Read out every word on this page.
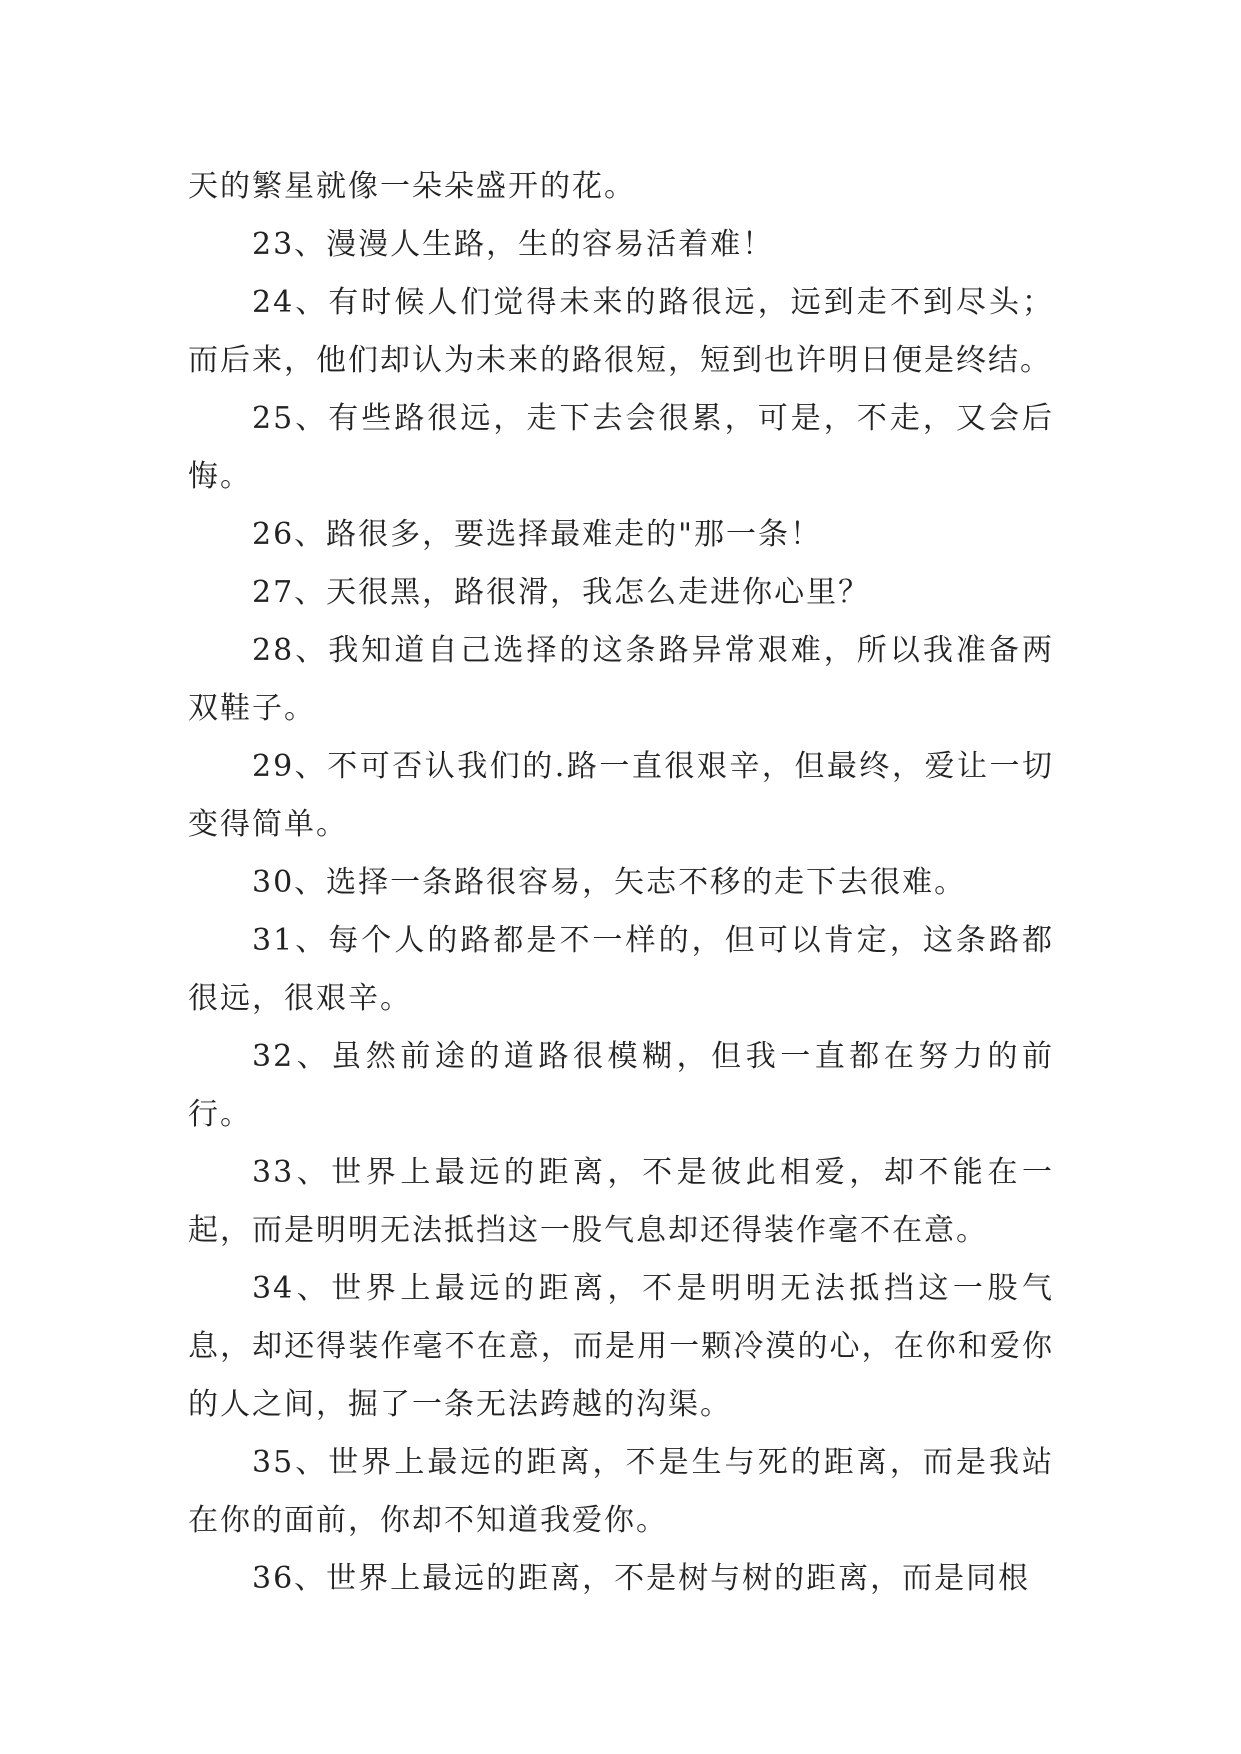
天的繁星就像一朵朵盛开的花。

23、漫漫人生路，生的容易活着难！

24、有时候人们觉得未来的路很远，远到走不到尽头；而后来，他们却认为未来的路很短，短到也许明日便是终结。

25、有些路很远，走下去会很累，可是，不走，又会后悔。

26、路很多，要选择最难走的"那一条！

27、天很黑，路很滑，我怎么走进你心里？

28、我知道自己选择的这条路异常艰难，所以我准备两双鞋子。

29、不可否认我们的.路一直很艰辛，但最终，爱让一切变得简单。

30、选择一条路很容易，矢志不移的走下去很难。

31、每个人的路都是不一样的，但可以肯定，这条路都很远，很艰辛。

32、虽然前途的道路很模糊，但我一直都在努力的前行。

33、世界上最远的距离，不是彼此相爱，却不能在一起，而是明明无法抵挡这一股气息却还得装作毫不在意。

34、世界上最远的距离，不是明明无法抵挡这一股气息，却还得装作毫不在意，而是用一颗冷漠的心，在你和爱你的人之间，掘了一条无法跨越的沟渠。

35、世界上最远的距离，不是生与死的距离，而是我站在你的面前，你却不知道我爱你。

36、世界上最远的距离，不是树与树的距离，而是同根
